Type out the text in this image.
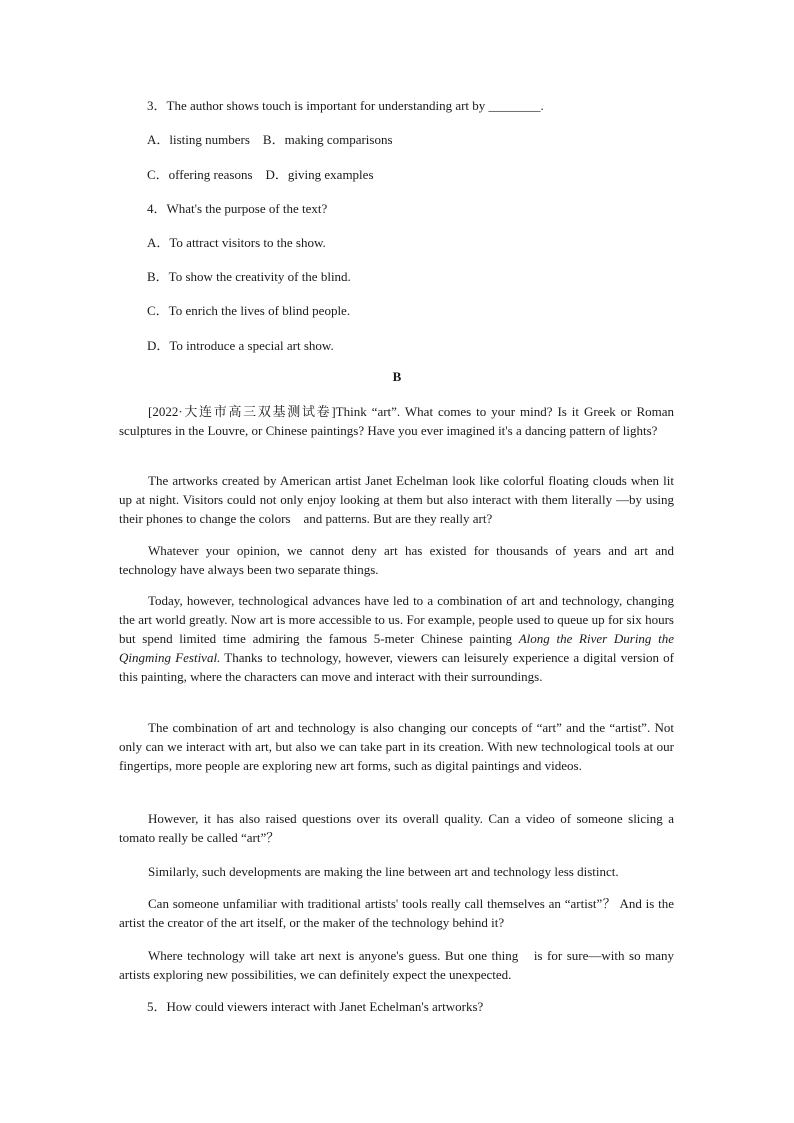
3．The author shows touch is important for understanding art by ________.
A．listing numbers　B．making comparisons
C．offering reasons　D．giving examples
4．What's the purpose of the text?
A．To attract visitors to the show.
B．To show the creativity of the blind.
C．To enrich the lives of blind people.
D．To introduce a special art show.
B
[2022·大连市高三双基测试卷]Think “art”. What comes to your mind? Is it Greek or Roman sculptures in the Louvre, or Chinese paintings? Have you ever imagined it's a dancing pattern of lights?
The artworks created by American artist Janet Echelman look like colorful floating clouds when lit up at night. Visitors could not only enjoy looking at them but also interact with them literally —by using their phones to change the colors　and patterns. But are they really art?
Whatever your opinion, we cannot deny art has existed for thousands of years and art and technology have always been two separate things.
Today, however, technological advances have led to a combination of art and technology, changing the art world greatly. Now art is more accessible to us. For example, people used to queue up for six hours but spend limited time admiring the famous 5-meter Chinese painting Along the River During the Qingming Festival. Thanks to technology, however, viewers can leisurely experience a digital version of this painting, where the characters can move and interact with their surroundings.
The combination of art and technology is also changing our concepts of “art” and the “artist”. Not only can we interact with art, but also we can take part in its creation. With new technological tools at our fingertips, more people are exploring new art forms, such as digital paintings and videos.
However, it has also raised questions over its overall quality. Can a video of someone slicing a tomato really be called “art”？
Similarly, such developments are making the line between art and technology less distinct.
Can someone unfamiliar with traditional artists' tools really call themselves an “artist”？ And is the artist the creator of the art itself, or the maker of the technology behind it?
Where technology will take art next is anyone's guess. But one thing　is for sure—with so many artists exploring new possibilities, we can definitely expect the unexpected.
5．How could viewers interact with Janet Echelman's artworks?
